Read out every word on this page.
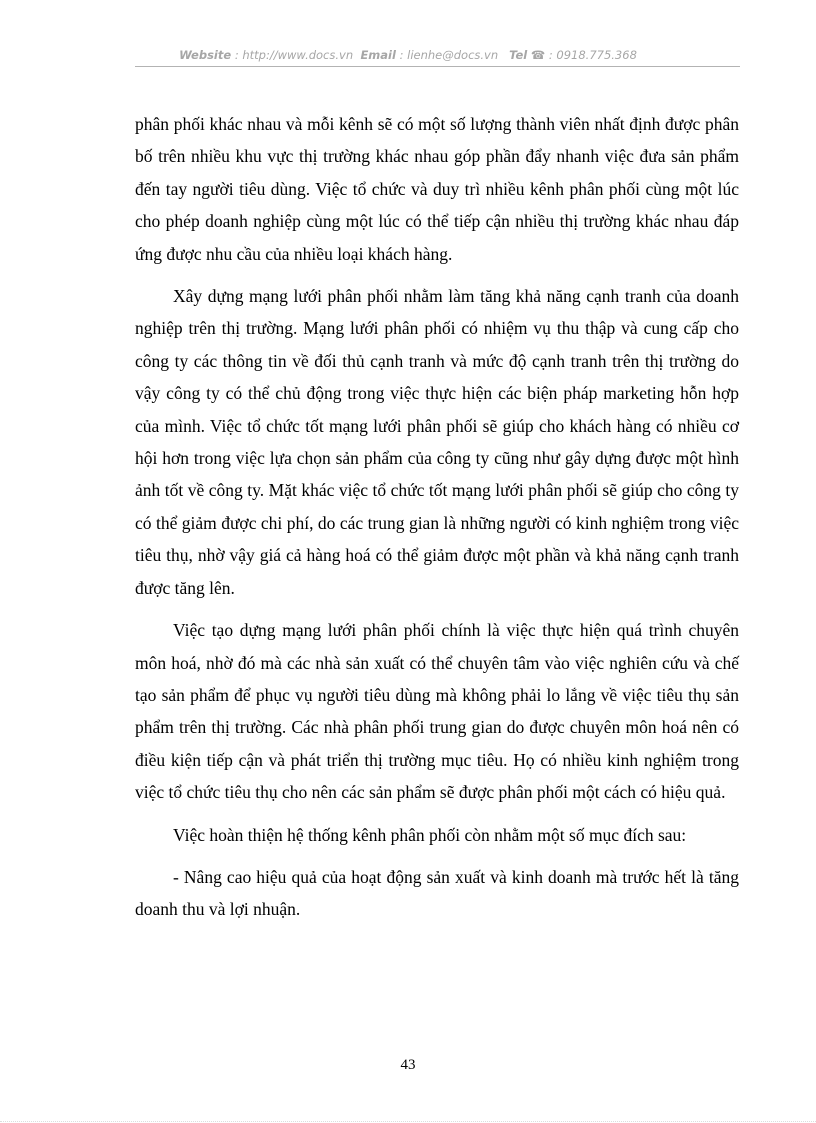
Website : http://www.docs.vn Email : lienhe@docs.vn Tel ☎ : 0918.775.368

phân phối khác nhau và mỗi kênh sẽ có một số lượng thành viên nhất định được phân bố trên nhiều khu vực thị trường khác nhau góp phần đẩy nhanh việc đưa sản phẩm đến tay người tiêu dùng. Việc tổ chức và duy trì nhiều kênh phân phối cùng một lúc cho phép doanh nghiệp cùng một lúc có thể tiếp cận nhiều thị trường khác nhau đáp ứng được nhu cầu của nhiều loại khách hàng.

Xây dựng mạng lưới phân phối nhằm làm tăng khả năng cạnh tranh của doanh nghiệp trên thị trường. Mạng lưới phân phối có nhiệm vụ thu thập và cung cấp cho công ty các thông tin về đối thủ cạnh tranh và mức độ cạnh tranh trên thị trường do vậy công ty có thể chủ động trong việc thực hiện các biện pháp marketing hỗn hợp của mình. Việc tổ chức tốt mạng lưới phân phối sẽ giúp cho khách hàng có nhiều cơ hội hơn trong việc lựa chọn sản phẩm của công ty cũng như gây dựng được một hình ảnh tốt về công ty. Mặt khác việc tổ chức tốt mạng lưới phân phối sẽ giúp cho công ty có thể giảm được chi phí, do các trung gian là những người có kinh nghiệm trong việc tiêu thụ, nhờ vậy giá cả hàng hoá có thể giảm được một phần và khả năng cạnh tranh được tăng lên.

Việc tạo dựng mạng lưới phân phối chính là việc thực hiện quá trình chuyên môn hoá, nhờ đó mà các nhà sản xuất có thể chuyên tâm vào việc nghiên cứu và chế tạo sản phẩm để phục vụ người tiêu dùng mà không phải lo lắng về việc tiêu thụ sản phẩm trên thị trường. Các nhà phân phối trung gian do được chuyên môn hoá nên có điều kiện tiếp cận và phát triển thị trường mục tiêu. Họ có nhiều kinh nghiệm trong việc tổ chức tiêu thụ cho nên các sản phẩm sẽ được phân phối một cách có hiệu quả.

Việc hoàn thiện hệ thống kênh phân phối còn nhằm một số mục đích sau:

- Nâng cao hiệu quả của hoạt động sản xuất và kinh doanh mà trước hết là tăng doanh thu và lợi nhuận.

43
